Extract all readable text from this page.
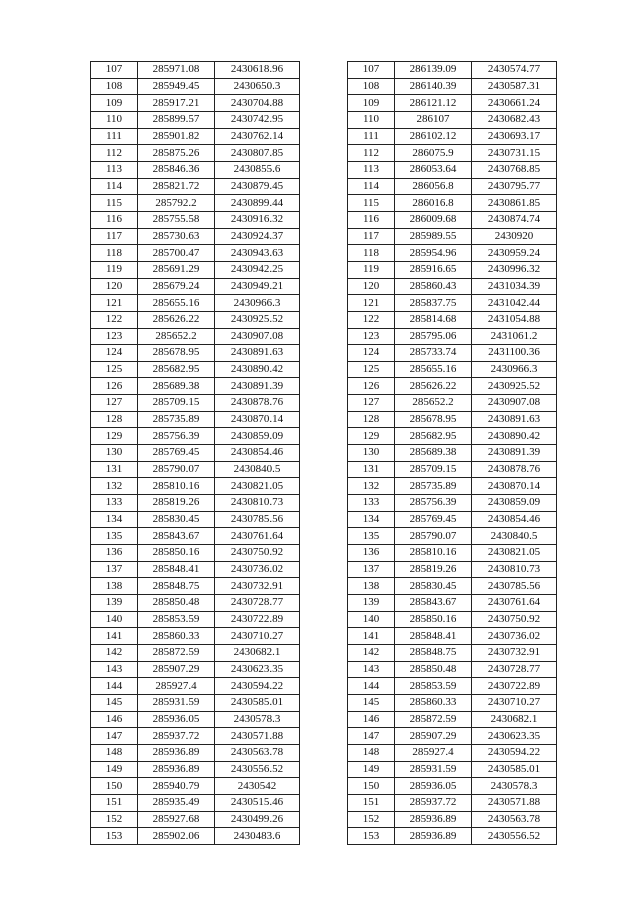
107	285971.08	2430618.96
108	285949.45	2430650.3
109	285917.21	2430704.88
110	285899.57	2430742.95
111	285901.82	2430762.14
112	285875.26	2430807.85
113	285846.36	2430855.6
114	285821.72	2430879.45
115	285792.2	2430899.44
116	285755.58	2430916.32
117	285730.63	2430924.37
118	285700.47	2430943.63
119	285691.29	2430942.25
120	285679.24	2430949.21
121	285655.16	2430966.3
122	285626.22	2430925.52
123	285652.2	2430907.08
124	285678.95	2430891.63
125	285682.95	2430890.42
126	285689.38	2430891.39
127	285709.15	2430878.76
128	285735.89	2430870.14
129	285756.39	2430859.09
130	285769.45	2430854.46
131	285790.07	2430840.5
132	285810.16	2430821.05
133	285819.26	2430810.73
134	285830.45	2430785.56
135	285843.67	2430761.64
136	285850.16	2430750.92
137	285848.41	2430736.02
138	285848.75	2430732.91
139	285850.48	2430728.77
140	285853.59	2430722.89
141	285860.33	2430710.27
142	285872.59	2430682.1
143	285907.29	2430623.35
144	285927.4	2430594.22
145	285931.59	2430585.01
146	285936.05	2430578.3
147	285937.72	2430571.88
148	285936.89	2430563.78
149	285936.89	2430556.52
150	285940.79	2430542
151	285935.49	2430515.46
152	285927.68	2430499.26
153	285902.06	2430483.6
107	286139.09	2430574.77
108	286140.39	2430587.31
109	286121.12	2430661.24
110	286107	2430682.43
111	286102.12	2430693.17
112	286075.9	2430731.15
113	286053.64	2430768.85
114	286056.8	2430795.77
115	286016.8	2430861.85
116	286009.68	2430874.74
117	285989.55	2430920
118	285954.96	2430959.24
119	285916.65	2430996.32
120	285860.43	2431034.39
121	285837.75	2431042.44
122	285814.68	2431054.88
123	285795.06	2431061.2
124	285733.74	2431100.36
125	285655.16	2430966.3
126	285626.22	2430925.52
127	285652.2	2430907.08
128	285678.95	2430891.63
129	285682.95	2430890.42
130	285689.38	2430891.39
131	285709.15	2430878.76
132	285735.89	2430870.14
133	285756.39	2430859.09
134	285769.45	2430854.46
135	285790.07	2430840.5
136	285810.16	2430821.05
137	285819.26	2430810.73
138	285830.45	2430785.56
139	285843.67	2430761.64
140	285850.16	2430750.92
141	285848.41	2430736.02
142	285848.75	2430732.91
143	285850.48	2430728.77
144	285853.59	2430722.89
145	285860.33	2430710.27
146	285872.59	2430682.1
147	285907.29	2430623.35
148	285927.4	2430594.22
149	285931.59	2430585.01
150	285936.05	2430578.3
151	285937.72	2430571.88
152	285936.89	2430563.78
153	285936.89	2430556.52
